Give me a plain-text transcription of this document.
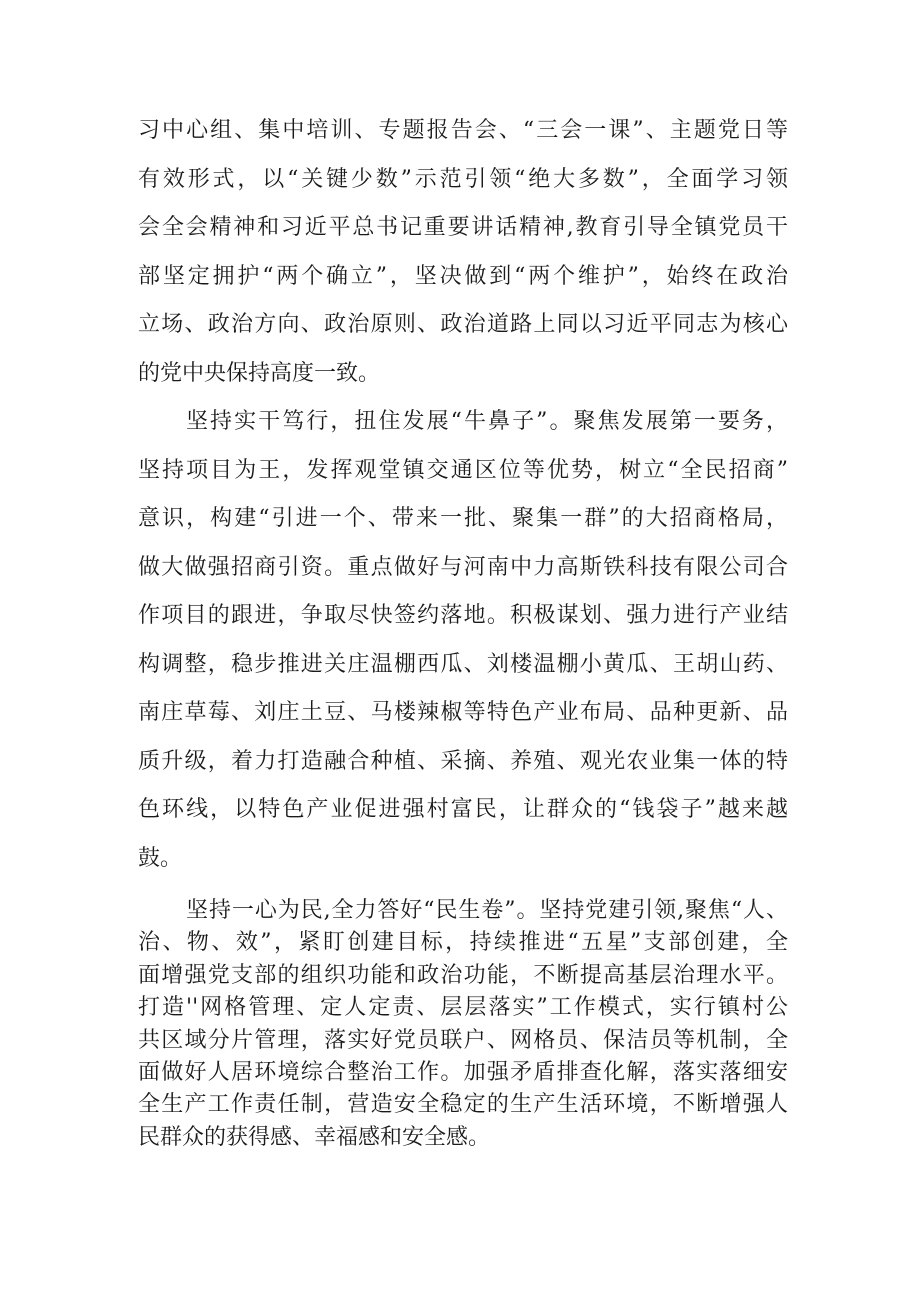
习中心组、集中培训、专题报告会、“三会一课”、主题党日等
有效形式，以“关键少数”示范引领“绝大多数”，全面学习领
会全会精神和习近平总书记重要讲话精神,教育引导全镇党员干
部坚定拥护“两个确立”，坚决做到“两个维护”，始终在政治
立场、政治方向、政治原则、政治道路上同以习近平同志为核心
的党中央保持高度一致。
坚持实干笃行，扭住发展“牛鼻子”。聚焦发展第一要务，
坚持项目为王，发挥观堂镇交通区位等优势，树立“全民招商”
意识，构建“引进一个、带来一批、聚集一群”的大招商格局，
做大做强招商引资。重点做好与河南中力高斯铁科技有限公司合
作项目的跟进，争取尽快签约落地。积极谋划、强力进行产业结
构调整，稳步推进关庄温棚西瓜、刘楼温棚小黄瓜、王胡山药、
南庄草莓、刘庄土豆、马楼辣椒等特色产业布局、品种更新、品
质升级，着力打造融合种植、采摘、养殖、观光农业集一体的特
色环线，以特色产业促进强村富民，让群众的“钱袋子”越来越
鼓。
坚持一心为民,全力答好“民生卷”。坚持党建引领,聚焦“人、
治、物、效”，紧盯创建目标，持续推进“五星”支部创建，全
面增强党支部的组织功能和政治功能，不断提高基层治理水平。
打造''网格管理、定人定责、层层落实”工作模式，实行镇村公
共区域分片管理，落实好党员联户、网格员、保洁员等机制，全
面做好人居环境综合整治工作。加强矛盾排查化解，落实落细安
全生产工作责任制，营造安全稳定的生产生活环境，不断增强人
民群众的获得感、幸福感和安全感。
